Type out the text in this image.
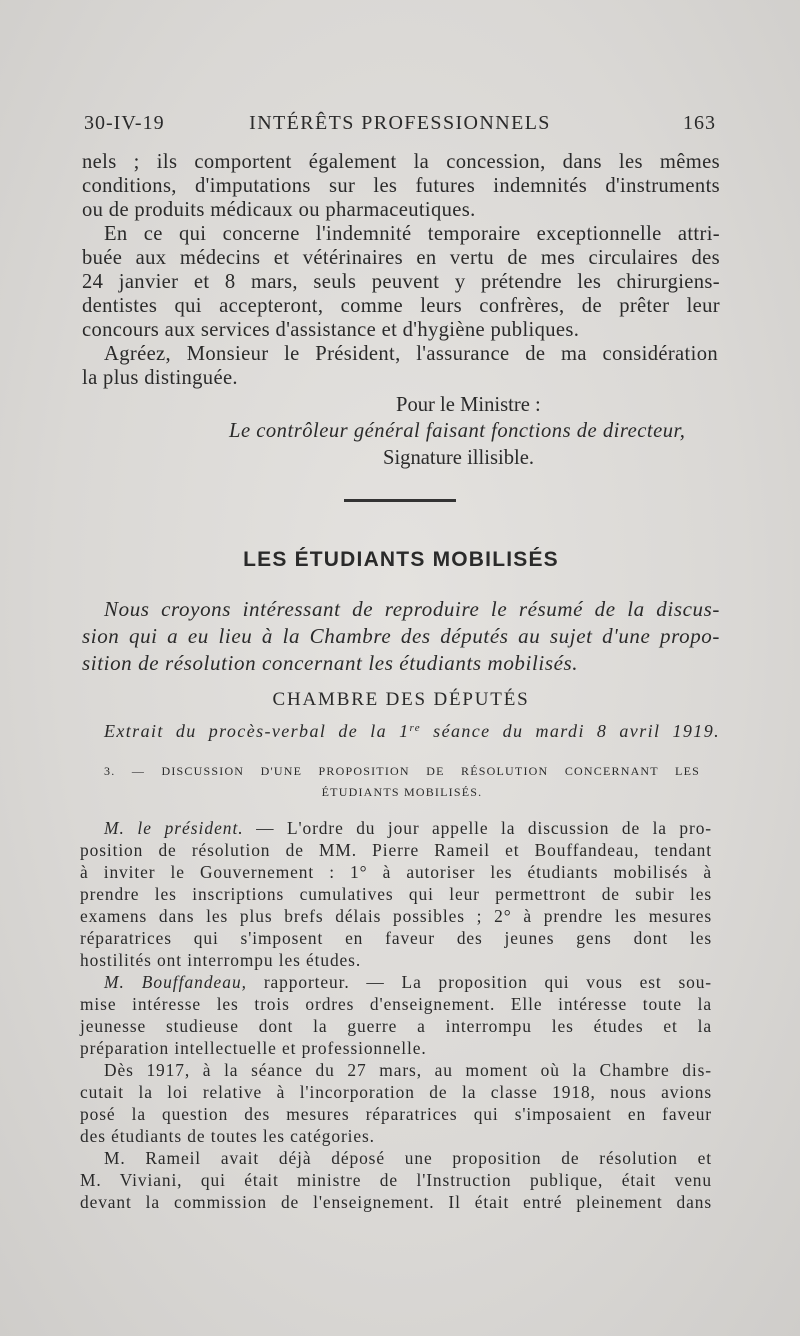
30-IV-19	INTÉRÊTS PROFESSIONNELS	163
nels ; ils comportent également la concession, dans les mêmes
conditions, d'imputations sur les futures indemnités d'instruments
ou de produits médicaux ou pharmaceutiques.
En ce qui concerne l'indemnité temporaire exceptionnelle attri-
buée aux médecins et vétérinaires en vertu de mes circulaires des
24 janvier et 8 mars, seuls peuvent y prétendre les chirurgiens-
dentistes qui accepteront, comme leurs confrères, de prêter leur
concours aux services d'assistance et d'hygiène publiques.
Agréez, Monsieur le Président, l'assurance de ma considération
la plus distinguée.
Pour le Ministre :
Le contrôleur général faisant fonctions de directeur,
Signature illisible.
LES ÉTUDIANTS MOBILISÉS
Nous croyons intéressant de reproduire le résumé de la discus-
sion qui a eu lieu à la Chambre des députés au sujet d'une propo-
sition de résolution concernant les étudiants mobilisés.
CHAMBRE DES DÉPUTÉS
Extrait du procès-verbal de la 1re séance du mardi 8 avril 1919.
3. — DISCUSSION D'UNE PROPOSITION DE RÉSOLUTION CONCERNANT LES
ÉTUDIANTS MOBILISÉS.
M. le président. — L'ordre du jour appelle la discussion de la pro-
position de résolution de MM. Pierre Rameil et Bouffandeau, tendant
à inviter le Gouvernement : 1° à autoriser les étudiants mobilisés à
prendre les inscriptions cumulatives qui leur permettront de subir les
examens dans les plus brefs délais possibles ; 2° à prendre les mesures
réparatrices qui s'imposent en faveur des jeunes gens dont les
hostilités ont interrompu les études.
M. Bouffandeau, rapporteur. — La proposition qui vous est sou-
mise intéresse les trois ordres d'enseignement. Elle intéresse toute la
jeunesse studieuse dont la guerre a interrompu les études et la
préparation intellectuelle et professionnelle.
Dès 1917, à la séance du 27 mars, au moment où la Chambre dis-
cutait la loi relative à l'incorporation de la classe 1918, nous avions
posé la question des mesures réparatrices qui s'imposaient en faveur
des étudiants de toutes les catégories.
M. Rameil avait déjà déposé une proposition de résolution et
M. Viviani, qui était ministre de l'Instruction publique, était venu
devant la commission de l'enseignement. Il était entré pleinement dans
